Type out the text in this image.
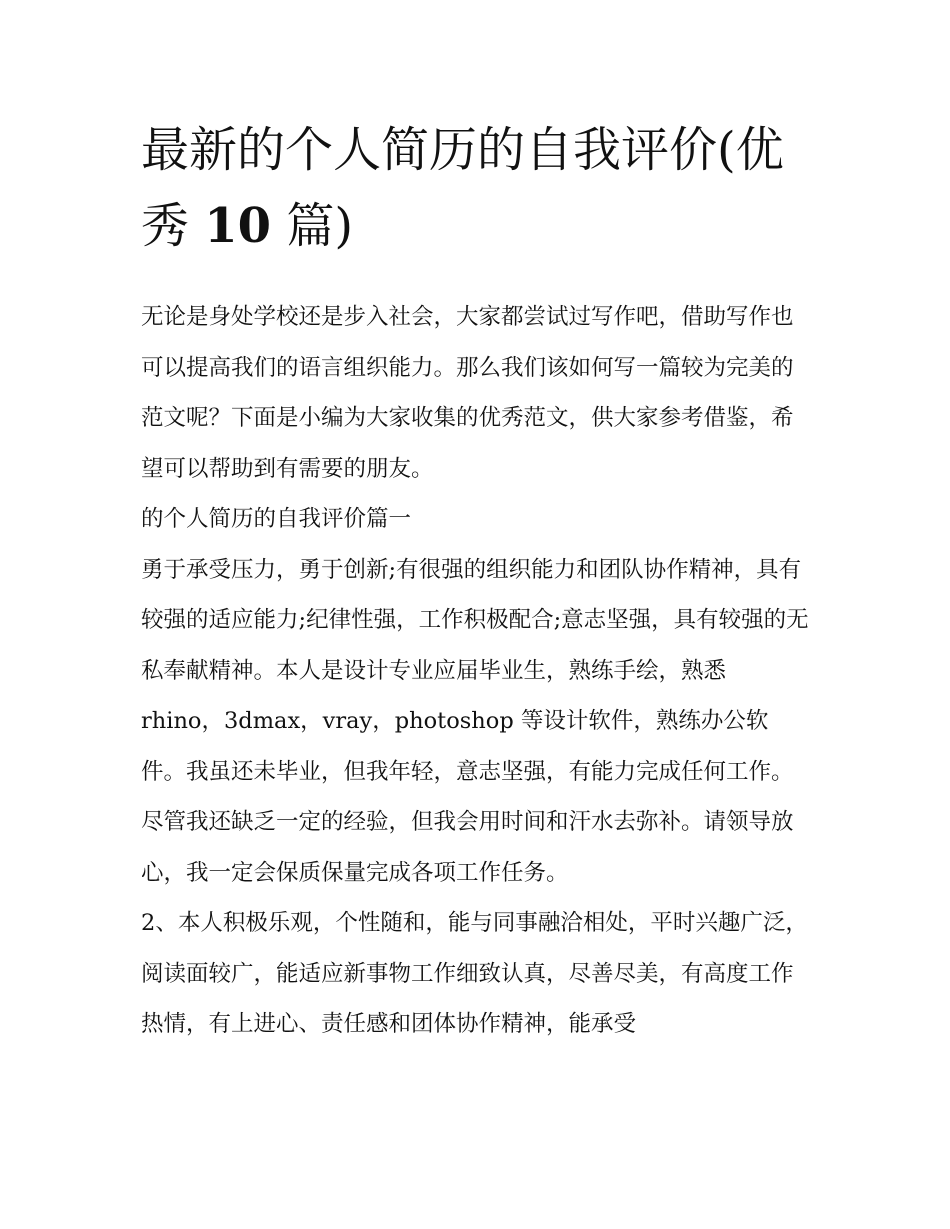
最新的个人简历的自我评价(优
秀 10 篇)

无论是身处学校还是步入社会，大家都尝试过写作吧，借助写作也可以提高我们的语言组织能力。那么我们该如何写一篇较为完美的范文呢？下面是小编为大家收集的优秀范文，供大家参考借鉴，希望可以帮助到有需要的朋友。

的个人简历的自我评价篇一

勇于承受压力，勇于创新;有很强的组织能力和团队协作精神，具有较强的适应能力;纪律性强，工作积极配合;意志坚强，具有较强的无私奉献精神。本人是设计专业应届毕业生，熟练手绘，熟悉 rhino，3dmax，vray，photoshop 等设计软件，熟练办公软件。我虽还未毕业，但我年轻，意志坚强，有能力完成任何工作。尽管我还缺乏一定的经验，但我会用时间和汗水去弥补。请领导放心，我一定会保质保量完成各项工作任务。

2、本人积极乐观，个性随和，能与同事融洽相处，平时兴趣广泛，阅读面较广，能适应新事物工作细致认真，尽善尽美，有高度工作热情，有上进心、责任感和团体协作精神，能承受
